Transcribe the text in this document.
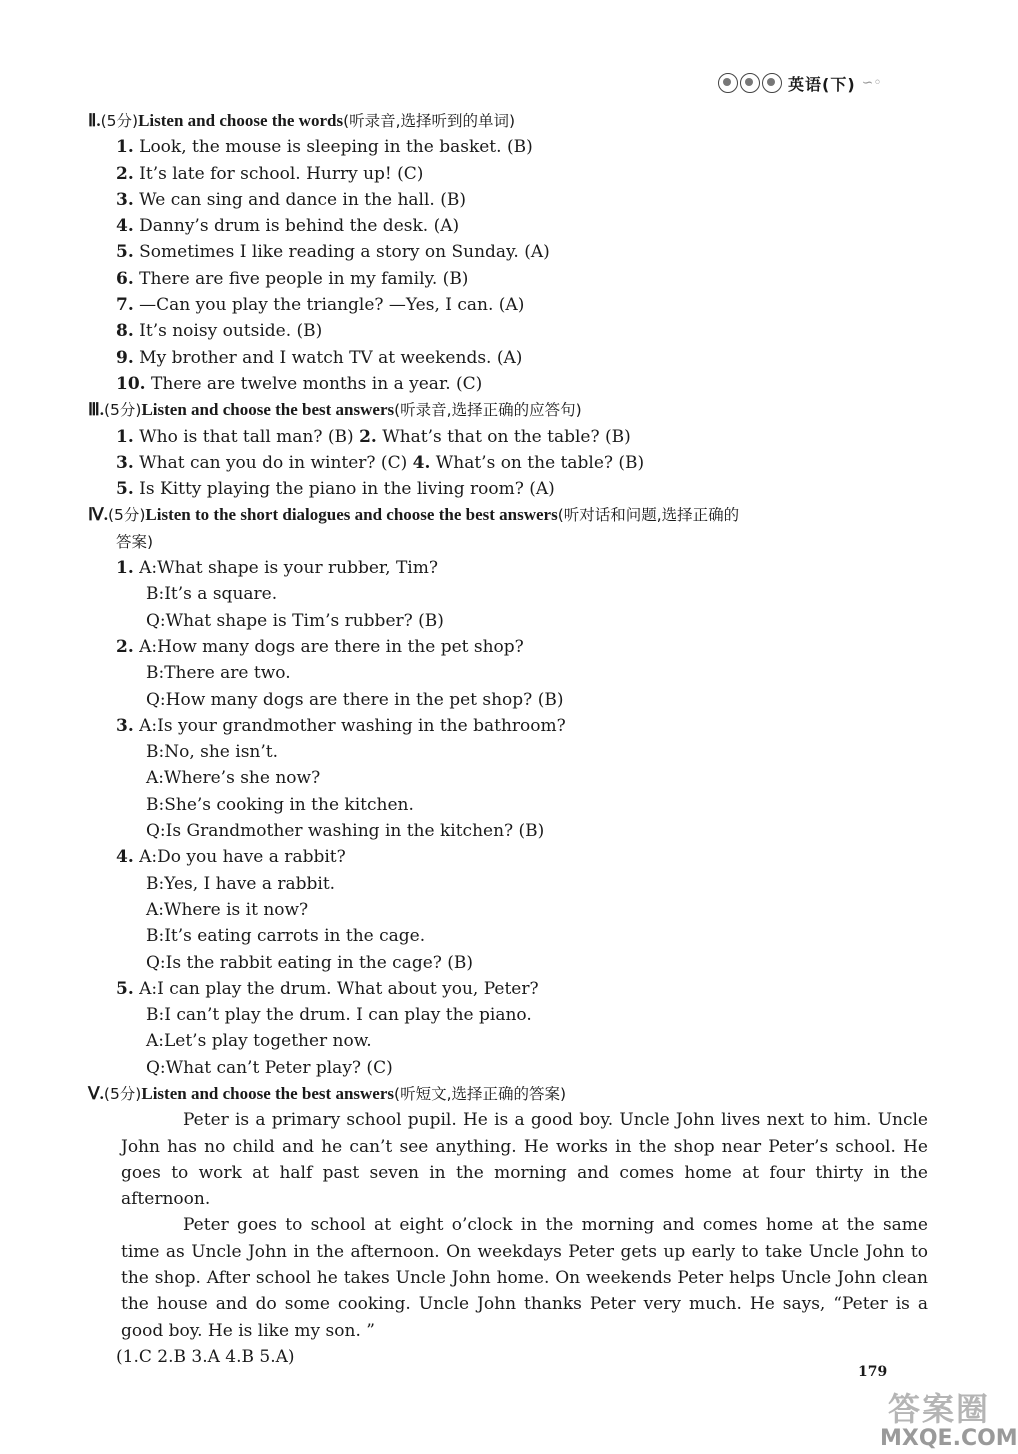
英语(下) ∽◦
Ⅱ.(5分)Listen and choose the words(听录音,选择听到的单词)
1. Look, the mouse is sleeping in the basket. (B)
2. It’s late for school. Hurry up! (C)
3. We can sing and dance in the hall. (B)
4. Danny’s drum is behind the desk. (A)
5. Sometimes I like reading a story on Sunday. (A)
6. There are five people in my family. (B)
7. —Can you play the triangle? —Yes, I can. (A)
8. It’s noisy outside. (B)
9. My brother and I watch TV at weekends. (A)
10. There are twelve months in a year. (C)
Ⅲ.(5分)Listen and choose the best answers(听录音,选择正确的应答句)
1. Who is that tall man? (B) 2. What’s that on the table? (B)
3. What can you do in winter? (C) 4. What’s on the table? (B)
5. Is Kitty playing the piano in the living room? (A)
Ⅳ.(5分)Listen to the short dialogues and choose the best answers(听对话和问题,选择正确的
答案)
1. A:What shape is your rubber, Tim?
B:It’s a square.
Q:What shape is Tim’s rubber? (B)
2. A:How many dogs are there in the pet shop?
B:There are two.
Q:How many dogs are there in the pet shop? (B)
3. A:Is your grandmother washing in the bathroom?
B:No, she isn’t.
A:Where’s she now?
B:She’s cooking in the kitchen.
Q:Is Grandmother washing in the kitchen? (B)
4. A:Do you have a rabbit?
B:Yes, I have a rabbit.
A:Where is it now?
B:It’s eating carrots in the cage.
Q:Is the rabbit eating in the cage? (B)
5. A:I can play the drum. What about you, Peter?
B:I can’t play the drum. I can play the piano.
A:Let’s play together now.
Q:What can’t Peter play? (C)
Ⅴ.(5分)Listen and choose the best answers(听短文,选择正确的答案)
Peter is a primary school pupil. He is a good boy. Uncle John lives next to him. Uncle John has no child and he can’t see anything. He works in the shop near Peter’s school. He goes to work at half past seven in the morning and comes home at four thirty in the afternoon.
Peter goes to school at eight o’clock in the morning and comes home at the same time as Uncle John in the afternoon. On weekdays Peter gets up early to take Uncle John to the shop. After school he takes Uncle John home. On weekends Peter helps Uncle John clean the house and do some cooking. Uncle John thanks Peter very much. He says, “Peter is a good boy. He is like my son. ”
(1.C 2.B 3.A 4.B 5.A)
179
答案圈
MXQE.COM
